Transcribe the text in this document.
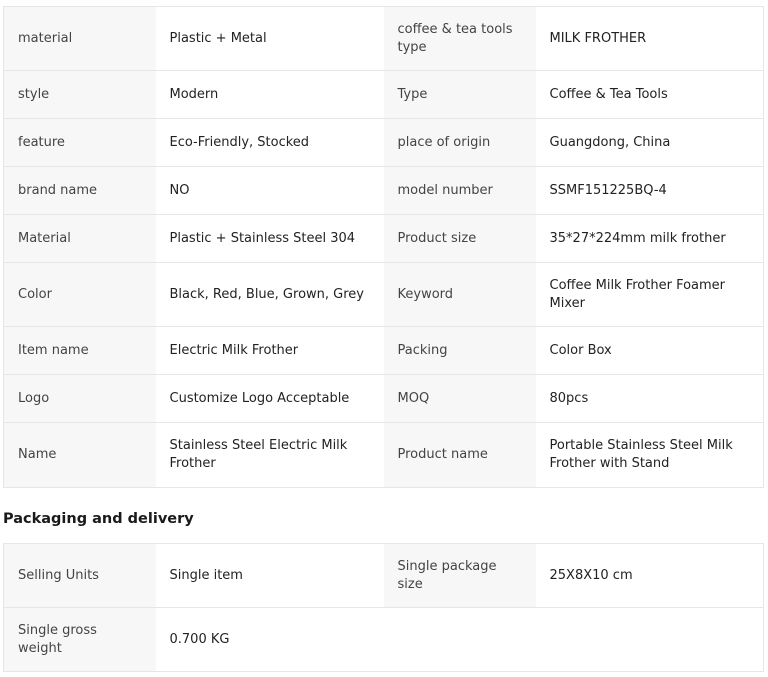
material	Plastic + Metal	coffee & tea tools type	MILK FROTHER
style	Modern	Type	Coffee & Tea Tools
feature	Eco-Friendly, Stocked	place of origin	Guangdong, China
brand name	NO	model number	SSMF151225BQ-4
Material	Plastic + Stainless Steel 304	Product size	35*27*224mm milk frother
Color	Black, Red, Blue, Grown, Grey	Keyword	Coffee Milk Frother Foamer Mixer
Item name	Electric Milk Frother	Packing	Color Box
Logo	Customize Logo Acceptable	MOQ	80pcs
Name	Stainless Steel Electric Milk Frother	Product name	Portable Stainless Steel Milk Frother with Stand
Packaging and delivery
Selling Units	Single item	Single package size	25X8X10 cm
Single gross weight	0.700 KG		
